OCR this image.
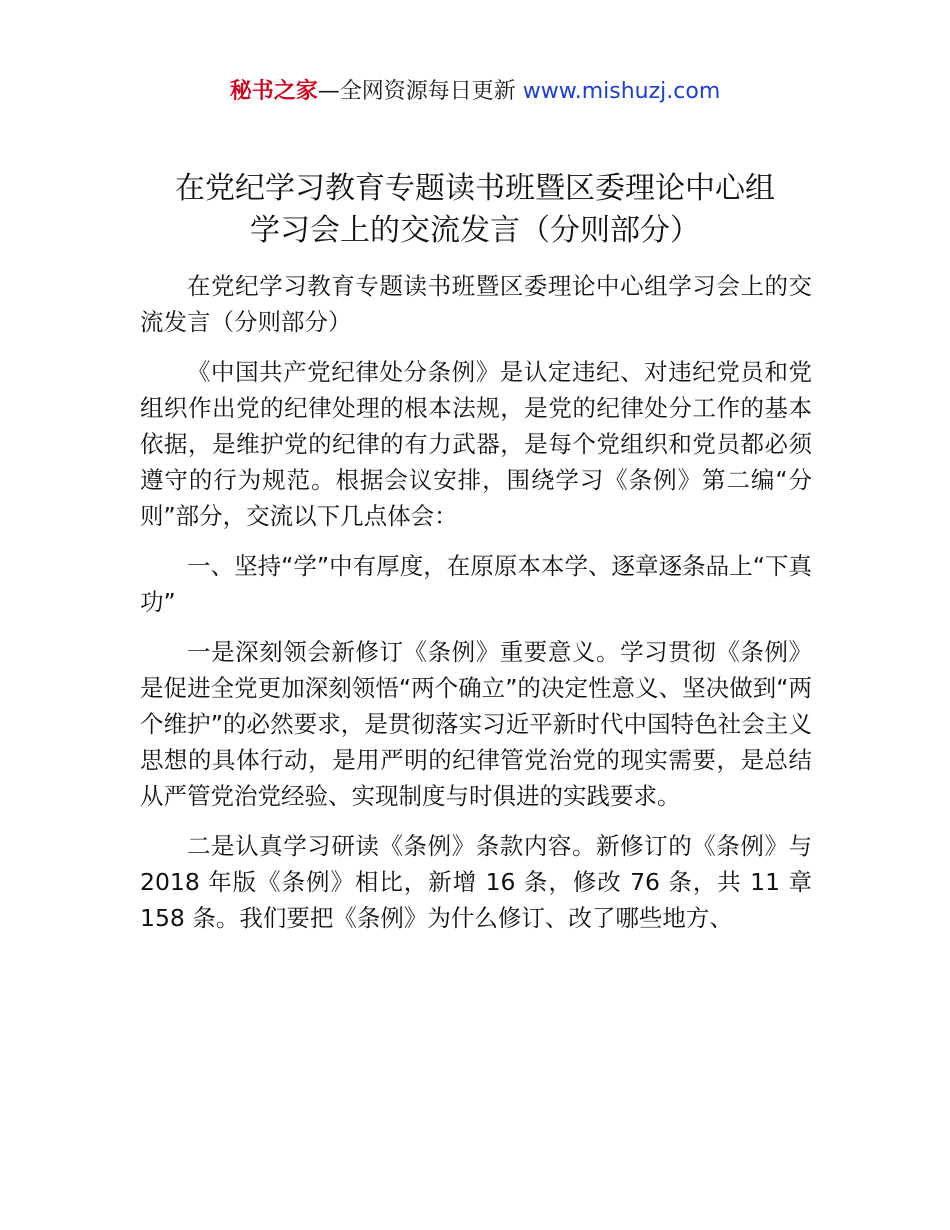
秘书之家—全网资源每日更新 www.mishuzj.com
在党纪学习教育专题读书班暨区委理论中心组
学习会上的交流发言（分则部分）

在党纪学习教育专题读书班暨区委理论中心组学习会上的交流发言（分则部分）

《中国共产党纪律处分条例》是认定违纪、对违纪党员和党组织作出党的纪律处理的根本法规，是党的纪律处分工作的基本依据，是维护党的纪律的有力武器，是每个党组织和党员都必须遵守的行为规范。根据会议安排，围绕学习《条例》第二编“分则”部分，交流以下几点体会：

一、坚持“学”中有厚度，在原原本本学、逐章逐条品上“下真功”

一是深刻领会新修订《条例》重要意义。学习贯彻《条例》是促进全党更加深刻领悟“两个确立”的决定性意义、坚决做到“两个维护”的必然要求，是贯彻落实习近平新时代中国特色社会主义思想的具体行动，是用严明的纪律管党治党的现实需要，是总结从严管党治党经验、实现制度与时俱进的实践要求。

二是认真学习研读《条例》条款内容。新修订的《条例》与 2018 年版《条例》相比，新增 16 条，修改 76 条，共 11 章 158 条。我们要把《条例》为什么修订、改了哪些地方、
